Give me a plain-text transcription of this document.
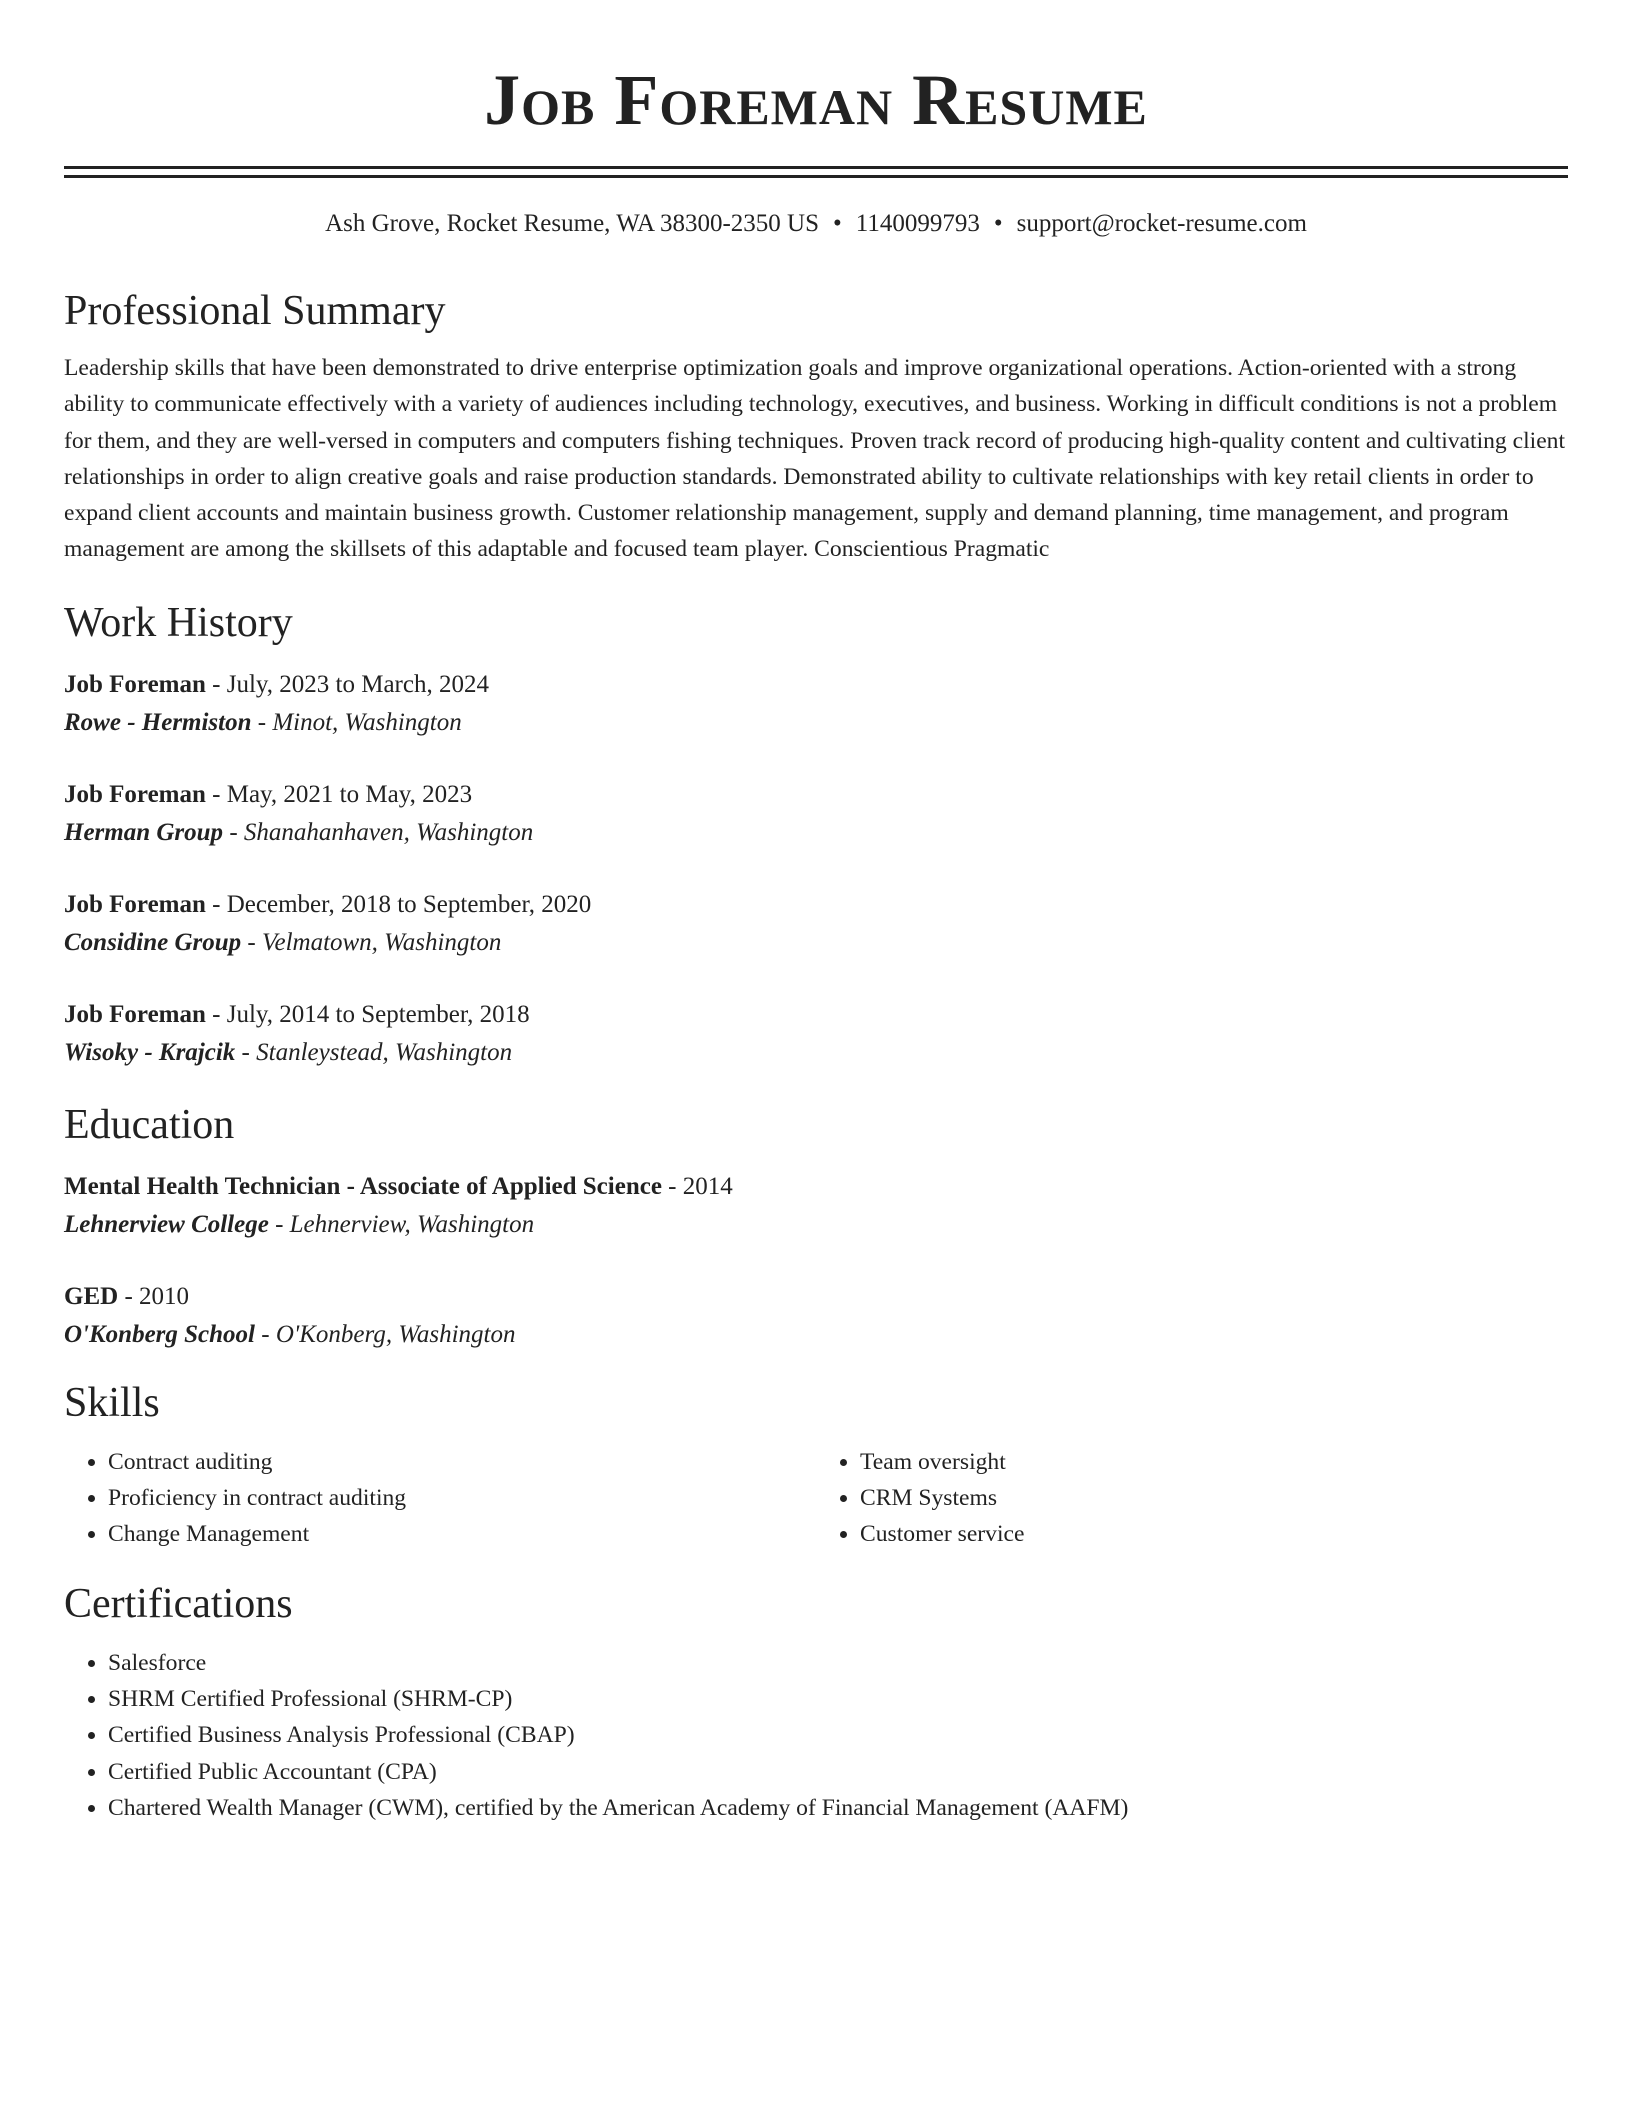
Job Foreman Resume
Ash Grove, Rocket Resume, WA 38300-2350 US • 1140099793 • support@rocket-resume.com
Professional Summary

Leadership skills that have been demonstrated to drive enterprise optimization goals and improve organizational operations. Action-oriented with a strong ability to communicate effectively with a variety of audiences including technology, executives, and business. Working in difficult conditions is not a problem for them, and they are well-versed in computers and computers fishing techniques. Proven track record of producing high-quality content and cultivating client relationships in order to align creative goals and raise production standards. Demonstrated ability to cultivate relationships with key retail clients in order to expand client accounts and maintain business growth. Customer relationship management, supply and demand planning, time management, and program management are among the skillsets of this adaptable and focused team player. Conscientious Pragmatic

Work History
Job Foreman - July, 2023 to March, 2024
Rowe - Hermiston - Minot, Washington
Job Foreman - May, 2021 to May, 2023
Herman Group - Shanahanhaven, Washington
Job Foreman - December, 2018 to September, 2020
Considine Group - Velmatown, Washington
Job Foreman - July, 2014 to September, 2018
Wisoky - Krajcik - Stanleystead, Washington
Education
Mental Health Technician - Associate of Applied Science - 2014
Lehnerview College - Lehnerview, Washington
GED - 2010
O'Konberg School - O'Konberg, Washington
Skills
• Contract auditing
• Proficiency in contract auditing
• Change Management
• Team oversight
• CRM Systems
• Customer service
Certifications
• Salesforce
• SHRM Certified Professional (SHRM-CP)
• Certified Business Analysis Professional (CBAP)
• Certified Public Accountant (CPA)
• Chartered Wealth Manager (CWM), certified by the American Academy of Financial Management (AAFM)
